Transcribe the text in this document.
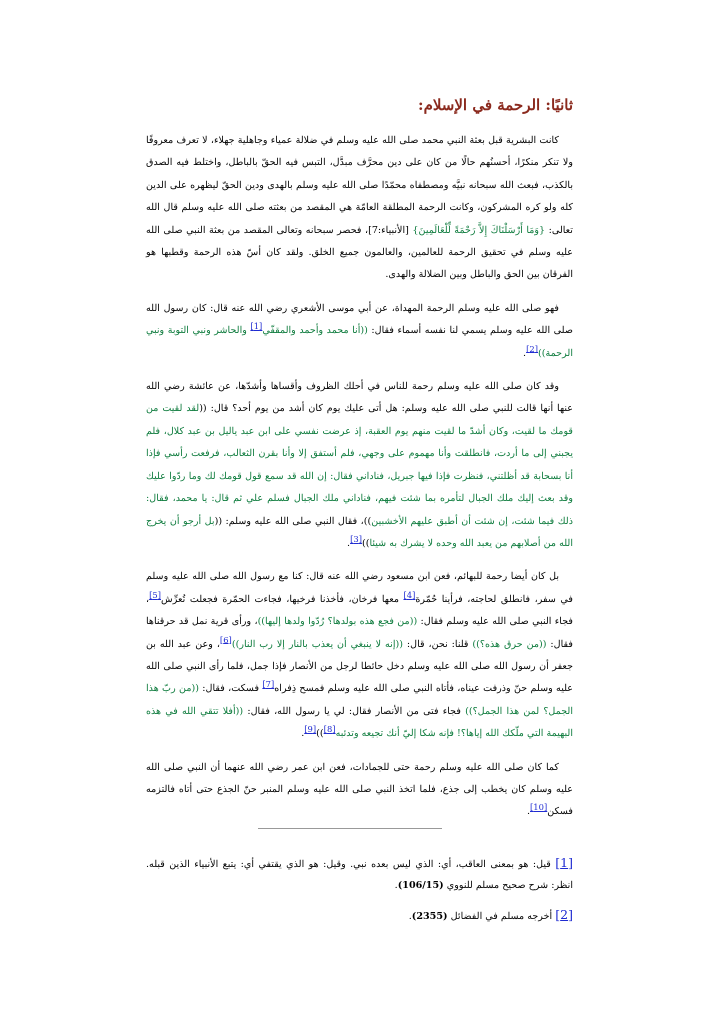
ثانيًا: الرحمة في الإسلام:

كانت البشرية قبل بعثة النبي محمد صلى الله عليه وسلم في ضلالة عمياء وجاهلية جهلاء، لا تعرف معروفًا ولا تنكر منكرًا، أحسنُهم حالًا من كان على دين محرَّف مبدَّل، التبس فيه الحقّ بالباطل، واختلط فيه الصدق بالكذب، فبعث الله سبحانه نبيَّه ومصطفاه محمّدًا صلى الله عليه وسلم بالهدى ودين الحقّ ليظهره على الدين كله ولو كره المشركون، وكانت الرحمة المطلقة العامّة هي المقصد من بعثته صلى الله عليه وسلم قال الله تعالى: {وَمَا أَرْسَلْنَاكَ إِلاَّ رَحْمَةً لِّلْعَالَمِينَ} [الأنبياء:7]، فحصر سبحانه وتعالى المقصد من بعثة النبي صلى الله عليه وسلم في تحقيق الرحمة للعالمين، والعالمون جميع الخلق. ولقد كان أسّ هذه الرحمة وقطبها هو الفرقان بين الحق والباطل وبين الضلالة والهدى.

فهو صلى الله عليه وسلم الرحمة المهداة، عن أبي موسى الأشعري رضي الله عنه قال: كان رسول الله صلى الله عليه وسلم يسمي لنا نفسه أسماء فقال: ((أنا محمد وأحمد والمقفّي[1] والحاشر ونبي التوبة ونبي الرحمة))[2].

وقد كان صلى الله عليه وسلم رحمة للناس في أحلك الظروف وأقساها وأشدّها، عن عائشة رضي الله عنها أنها قالت للنبي صلى الله عليه وسلم: هل أتى عليك يوم كان أشد من يوم أحد؟ قال: ((لقد لقيت من قومك ما لقيت، وكان أشدّ ما لقيت منهم يوم العقبة، إذ عرضت نفسي على ابن عبد ياليل بن عبد كلال، فلم يجبني إلى ما أردت، فانطلقت وأنا مهموم على وجهي، فلم أستفق إلا وأنا بقرن الثعالب، فرفعت رأسي فإذا أنا بسحابة قد أظلتني، فنظرت فإذا فيها جبريل، فناداني فقال: إن الله قد سمع قول قومك لك وما ردّوا عليك وقد بعث إليك ملك الجبال لتأمره بما شئت فيهم، فناداني ملك الجبال فسلم علي ثم قال: يا محمد، فقال: ذلك فيما شئت، إن شئت أن أطبق عليهم الأخشبين))، فقال النبي صلى الله عليه وسلم: ((بل أرجو أن يخرج الله من أصلابهم من يعبد الله وحده لا يشرك به شيئا))[3].

بل كان أيضا رحمة للبهائم، فعن ابن مسعود رضي الله عنه قال: كنا مع رسول الله صلى الله عليه وسلم في سفر، فانطلق لحاجته، فرأينا حُمّرة[4] معها فرخان، فأخذنا فرخيها، فجاءت الحمّرة فجعلت تُعرِّش[5]، فجاء النبي صلى الله عليه وسلم فقال: ((من فجع هذه بولدها؟ رُدّوا ولدها إليها))، ورأى قرية نمل قد حرقناها فقال: ((من حرق هذه؟)) قلنا: نحن، قال: ((إنه لا ينبغي أن يعذب بالنار إلا رب النار))[6]، وعن عبد الله بن جعفر أن رسول الله صلى الله عليه وسلم دخل حائطا لرجل من الأنصار فإذا جمل، فلما رأى النبي صلى الله عليه وسلم حنّ وذرفت عيناه، فأتاه النبي صلى الله عليه وسلم فمسح ذِفراه[7] فسكت، فقال: ((من ربّ هذا الجمل؟ لمن هذا الجمل؟)) فجاء فتى من الأنصار فقال: لي يا رسول الله، فقال: ((أفلا تتقي الله في هذه البهيمة التي ملّكك الله إياها؟! فإنه شكا إليّ أنك تجيعه وتدئبه[8]))[9].

كما كان صلى الله عليه وسلم رحمة حتى للجمادات، فعن ابن عمر رضي الله عنهما أن النبي صلى الله عليه وسلم كان يخطب إلى جذع، فلما اتخذ النبي صلى الله عليه وسلم المنبر حنّ الجذع حتى أتاه فالتزمه فسكن[10].

[1] قيل: هو بمعنى العاقب، أي: الذي ليس بعده نبي. وقيل: هو الذي يقتفي أي: يتبع الأنبياء الذين قبله. انظر: شرح صحيح مسلم للنووي (106/15).

[2] أخرجه مسلم في الفضائل (2355).
